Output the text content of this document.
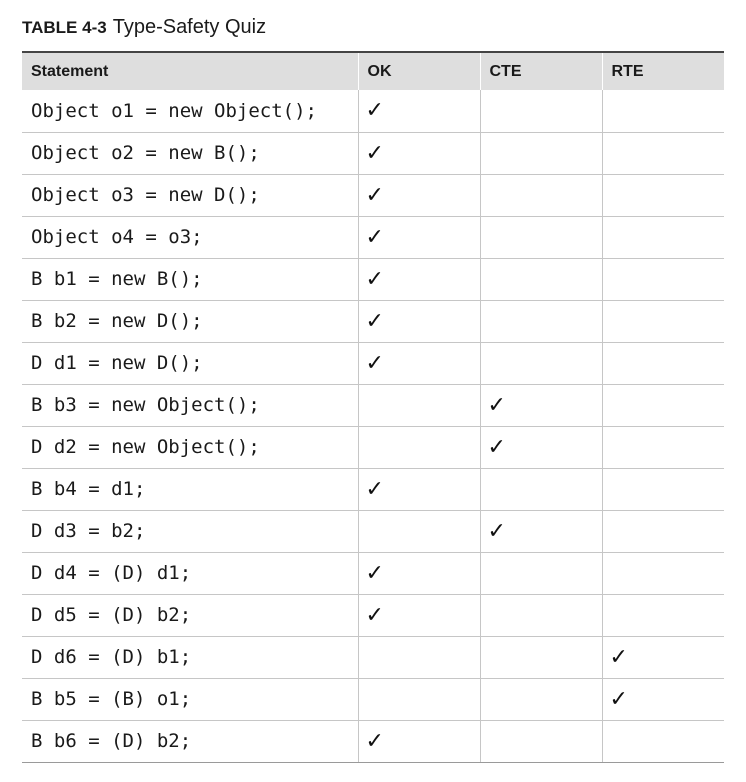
TABLE 4-3 Type-Safety Quiz
Statement	OK	CTE	RTE
Object o1 = new Object();	✓		
Object o2 = new B();	✓		
Object o3 = new D();	✓		
Object o4 = o3;	✓		
B b1 = new B();	✓		
B b2 = new D();	✓		
D d1 = new D();	✓		
B b3 = new Object();		✓	
D d2 = new Object();		✓	
B b4 = d1;	✓		
D d3 = b2;		✓	
D d4 = (D) d1;	✓		
D d5 = (D) b2;	✓		
D d6 = (D) b1;			✓
B b5 = (B) o1;			✓
B b6 = (D) b2;	✓		
